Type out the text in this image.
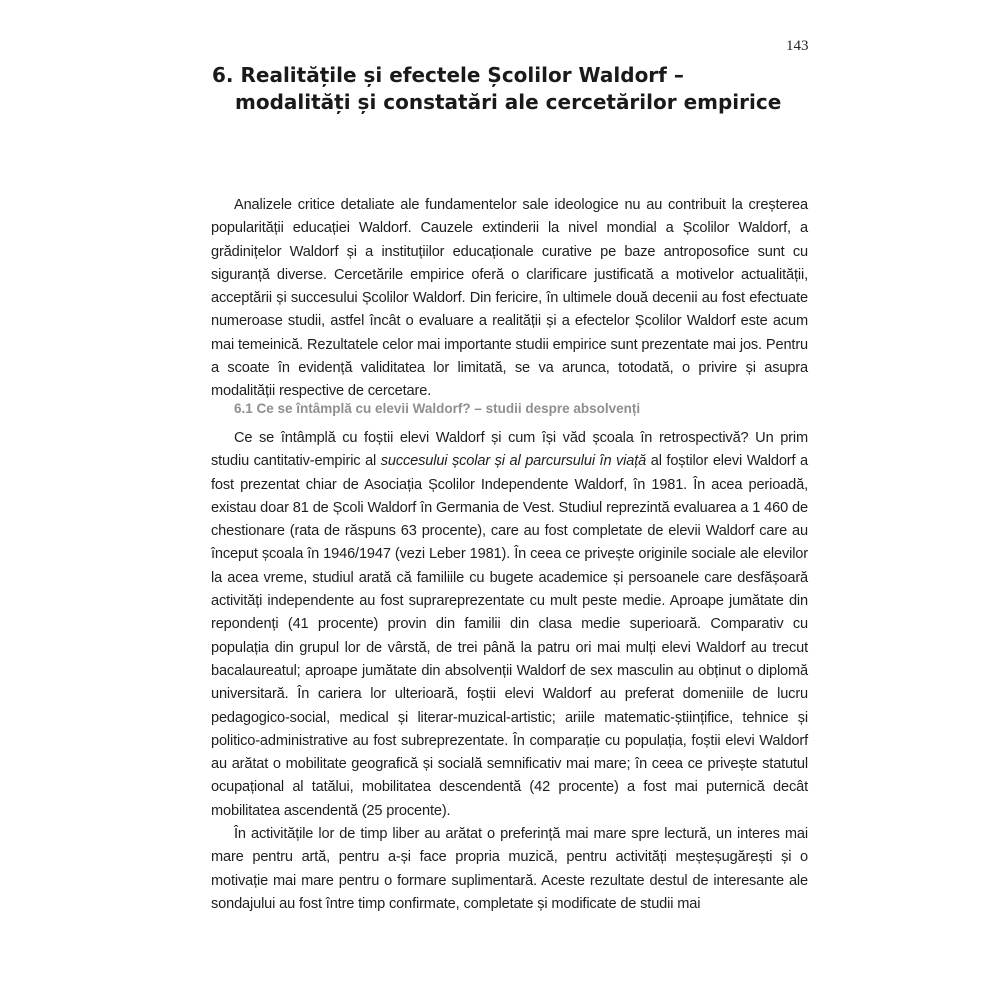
143
6. Realitățile și efectele Școlilor Waldorf –
modalități și constatări ale cercetărilor empirice

Analizele critice detaliate ale fundamentelor sale ideologice nu au contribuit la creșterea popularității educației Waldorf. Cauzele extinderii la nivel mondial a Școlilor Waldorf, a grădinițelor Waldorf și a instituțiilor educaționale curative pe baze antroposofice sunt cu siguranță diverse. Cercetările empirice oferă o clarificare justificată a motivelor actualității, acceptării și succesului Școlilor Waldorf. Din fericire, în ultimele două decenii au fost efectuate numeroase studii, astfel încât o evaluare a realității și a efectelor Școlilor Waldorf este acum mai temeinică. Rezultatele celor mai importante studii empirice sunt prezentate mai jos. Pentru a scoate în evidență validitatea lor limitată, se va arunca, totodată, o privire și asupra modalității respective de cercetare.

6.1 Ce se întâmplă cu elevii Waldorf? – studii despre absolvenți

Ce se întâmplă cu foștii elevi Waldorf și cum își văd școala în retrospectivă? Un prim studiu cantitativ-empiric al succesului școlar și al parcursului în viață al foștilor elevi Waldorf a fost prezentat chiar de Asociația Școlilor Independente Waldorf, în 1981. În acea perioadă, existau doar 81 de Școli Waldorf în Germania de Vest. Studiul reprezintă evaluarea a 1 460 de chestionare (rata de răspuns 63 procente), care au fost completate de elevii Waldorf care au început școala în 1946/1947 (vezi Leber 1981). În ceea ce privește originile sociale ale elevilor la acea vreme, studiul arată că familiile cu bugete academice și persoanele care desfășoară activități independente au fost suprareprezentate cu mult peste medie. Aproape jumătate din repondenți (41 procente) provin din familii din clasa medie superioară. Comparativ cu populația din grupul lor de vârstă, de trei până la patru ori mai mulți elevi Waldorf au trecut bacalaureatul; aproape jumătate din absolvenții Waldorf de sex masculin au obținut o diplomă universitară. În cariera lor ulterioară, foștii elevi Waldorf au preferat domeniile de lucru pedagogico-social, medical și literar-muzical-artistic; ariile matematic-științifice, tehnice și politico-administrative au fost subreprezentate. În comparație cu populația, foștii elevi Waldorf au arătat o mobilitate geografică și socială semnificativ mai mare; în ceea ce privește statutul ocupațional al tatălui, mobilitatea descendentă (42 procente) a fost mai puternică decât mobilitatea ascendentă (25 procente).

În activitățile lor de timp liber au arătat o preferință mai mare spre lectură, un interes mai mare pentru artă, pentru a-și face propria muzică, pentru activități meșteșugărești și o motivație mai mare pentru o formare suplimentară. Aceste rezultate destul de interesante ale sondajului au fost între timp confirmate, completate și modificate de studii mai
